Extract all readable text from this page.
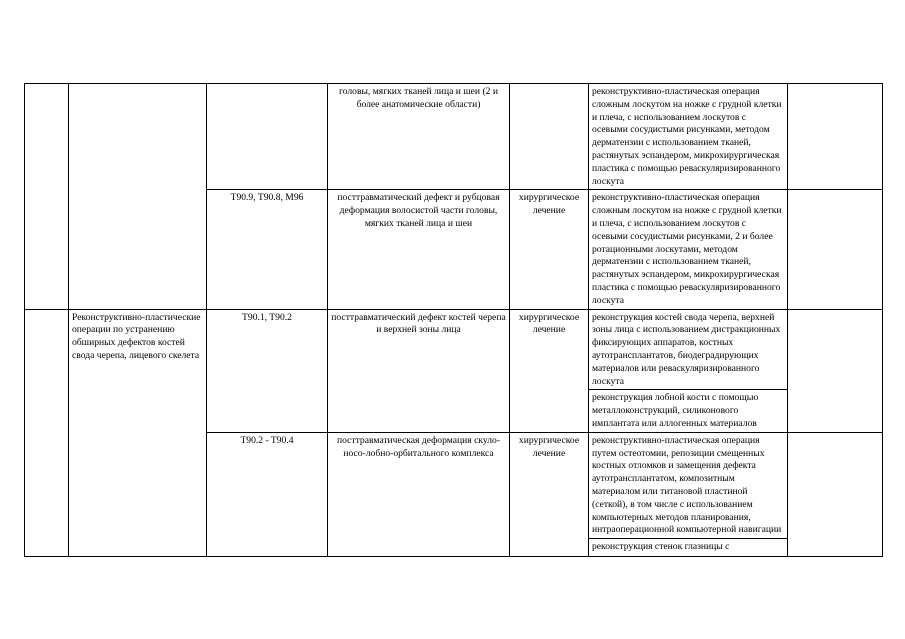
			головы, мягких тканей лица и шеи (2 и более анатомические области)		реконструктивно-пластическая операция сложным лоскутом на ножке с грудной клетки и плеча, с использованием лоскутов с осевыми сосудистыми рисунками, методом дерматензии с использованием тканей, растянутых эспандером, микрохирургическая пластика с помощью реваскуляризированного лоскута	
		T90.9, T90.8, M96	посттравматический дефект и рубцовая деформация волосистой части головы, мягких тканей лица и шеи	хирургическое лечение	реконструктивно-пластическая операция сложным лоскутом на ножке с грудной клетки и плеча, с использованием лоскутов с осевыми сосудистыми рисунками, 2 и более ротационными лоскутами, методом дерматензии с использованием тканей, растянутых эспандером, микрохирургическая пластика с помощью реваскуляризированного лоскута	
	Реконструктивно-пластические операции по устранению обширных дефектов костей свода черепа, лицевого скелета	T90.1, T90.2	посттравматический дефект костей черепа и верхней зоны лица	хирургическое лечение	реконструкция костей свода черепа, верхней зоны лица с использованием дистракционных фиксирующих аппаратов, костных аутотрансплантатов, биодеградирующих материалов или реваскуляризированного лоскута	
					реконструкция лобной кости с помощью металлоконструкций, силиконового имплантата или аллогенных материалов	
		T90.2 - T90.4	посттравматическая деформация скуло-носо-лобно-орбитального комплекса	хирургическое лечение	реконструктивно-пластическая операция путем остеотомии, репозиции смещенных костных отломков и замещения дефекта аутотрансплантатом, композитным материалом или титановой пластиной (сеткой), в том числе с использованием компьютерных методов планирования, интраоперационной компьютерной навигации	

					реконструкция стенок глазницы с	
